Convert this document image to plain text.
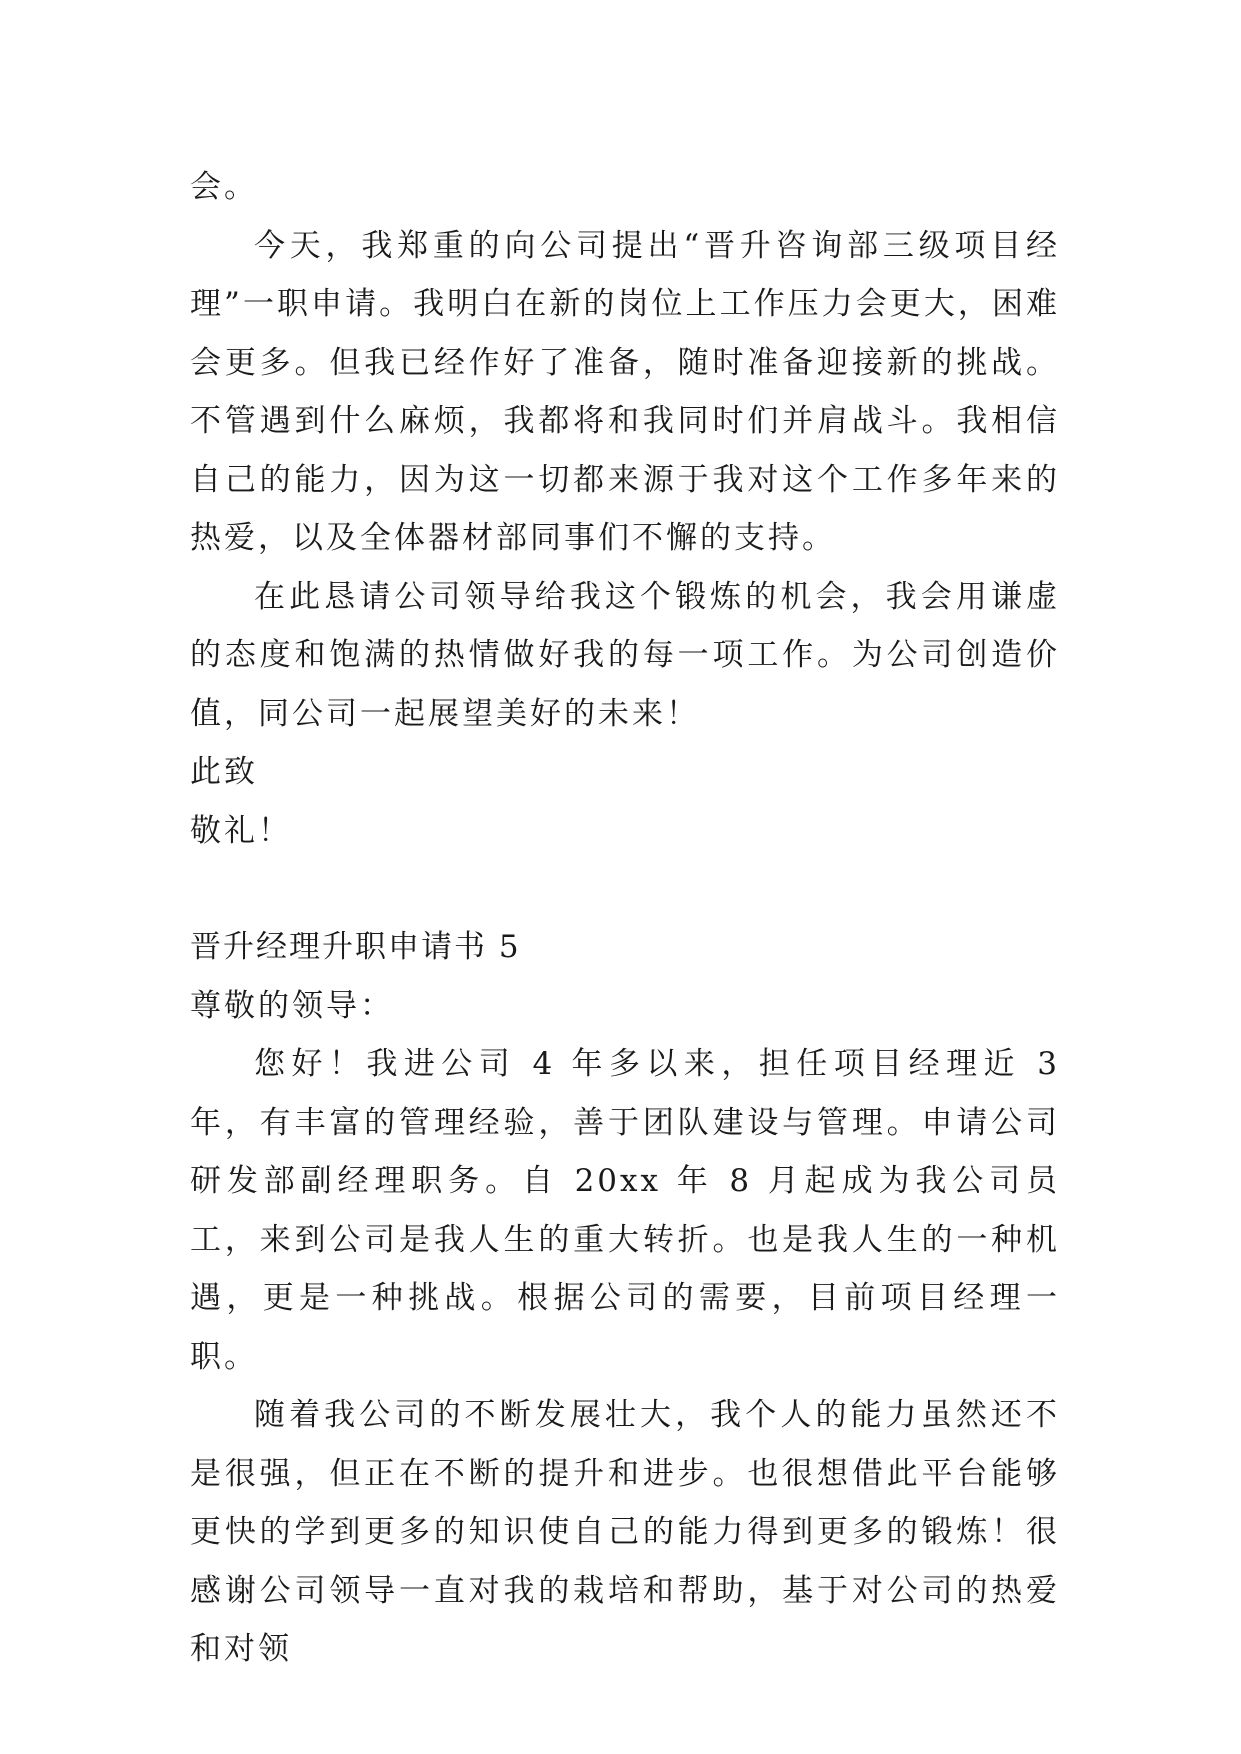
会。

今天，我郑重的向公司提出“晋升咨询部三级项目经理”一职申请。我明白在新的岗位上工作压力会更大，困难会更多。但我已经作好了准备，随时准备迎接新的挑战。不管遇到什么麻烦，我都将和我同时们并肩战斗。我相信自己的能力，因为这一切都来源于我对这个工作多年来的热爱，以及全体器材部同事们不懈的支持。

在此恳请公司领导给我这个锻炼的机会，我会用谦虚的态度和饱满的热情做好我的每一项工作。为公司创造价值，同公司一起展望美好的未来！

此致

敬礼！

晋升经理升职申请书 5

尊敬的领导：

您好！我进公司 4 年多以来，担任项目经理近 3 年，有丰富的管理经验，善于团队建设与管理。申请公司研发部副经理职务。自 20xx 年 8 月起成为我公司员工，来到公司是我人生的重大转折。也是我人生的一种机遇，更是一种挑战。根据公司的需要，目前项目经理一职。

随着我公司的不断发展壮大，我个人的能力虽然还不是很强，但正在不断的提升和进步。也很想借此平台能够更快的学到更多的知识使自己的能力得到更多的锻炼！很感谢公司领导一直对我的栽培和帮助，基于对公司的热爱和对领
